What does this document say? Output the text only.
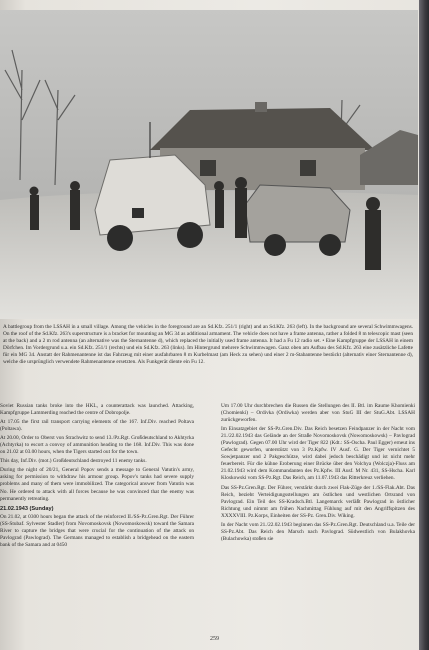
A battlegroup from the LSSAH in a small village. Among the vehicles in the foreground are an Sd.Kfz. 251/1 (right) and an Sd.Kfz. 263 (left). In the background are several Schwimmwagens. On the roof of the Sd.Kfz. 263's superstructure is a bracket for mounting an MG 34 as additional armament. The vehicle does not have a frame antenna, rather a folded 8 m telescopic mast (seen at the back) and a 2 m rod antenna (an alternative was the Sternantenne d), which replaced the initially used frame antenna. It had a Fu 12 radio set. • Eine Kampfgruppe der LSSAH in einem Dörfchen. Im Vordergrund u.a. ein Sd.Kfz. 251/1 (rechts) und ein Sd.Kfz. 263 (links). Im Hintergrund mehrere Schwimmwagen. Ganz oben am Aufbau des Sd.Kfz. 263 eine zusätzliche Lafette für ein MG 34. Anstatt der Rahmenantenne ist das Fahrzeug mit einer ausfahrbaren 8 m Kurbelmast (am Heck zu sehen) und einer 2 m-Stabantenne bestückt (alternativ einer Sternantenne d), welche die ursprünglich verwendete Rahmenantenne ersetzten. Als Funkgerät diente ein Fu 12.

Soviet Russian tanks broke into the HKL, a counterattack was launched. Attacking, Kampfgruppe Lammerding reached the centre of Dobropolje.

At 17.05 the first rail transport carrying elements of the 167. Inf.Div. reached Poltava (Poltawa).

At 20.00, Order to Oberst von Strachwitz to send 13./Pz.Rgt. Großdeutschland to Akhtyrka (Achtyrka) to escort a convoy of ammunition heading to the 168. Inf.Div. This was done on 21.02 at 03.00 hours, when the Tigers started out for the town.

This day, Inf.Div. (mot.) Großdeutschland destroyed 11 enemy tanks.

During the night of 20/21, General Popov sends a message to General Vatutin's army, asking for permission to withdraw his armour group. Popov's tanks had severe supply problems and many of them were immobilized. The categorical answer from Vatutin was No. He ordered to attack with all forces because he was convinced that the enemy was permanently retreating.

21.02.1943 (Sunday)

On 21.02, at 0300 hours began the attack of the reinforced II./SS-Pz.Gren.Rgt. Der Führer (SS-Stubaf. Sylvester Stadler) from Novomoskovsk (Nowomoskowsk) toward the Samara River to capture the bridges that were crucial for the continuation of the attack on Pavlograd (Pawlograd). The Germans managed to establish a bridgehead on the eastern bank of the Samara and at 0450

Um 17.00 Uhr durchbrechen die Russen die Stellungen des II. Btl. im Raume Khomienki (Chomienki) – Ordivka (Ordiwka) werden aber von StuG III der StuG.Abt. LSSAH zurückgeworfen.

Im Einsatzgebiet der SS-Pz.Gren.Div. Das Reich besetzen Feindpanzer in der Nacht vom 21./22.02.1943 das Gelände an der Straße Novomoskovsk (Nowomoskowsk) – Pavlograd (Pawlograd). Gegen 07.00 Uhr wird der Tiger 822 (Kdt.: SS-Oscha. Paul Egger) erneut ins Gefecht geworfen, unterstützt von 3 Pz.Kpfw. IV Ausf. G. Der Tiger vernichtet 5 Sowjetpanzer und 2 Pakgeschütze, wird dabei jedoch beschädigt und ist nicht mehr feuerbereit. Für die kühne Eroberung einer Brücke über den Volchya (Wolczja)-Fluss am 21.02.1943 wird dem Kommandanten des Pz.Kpfw. III Ausf. M Nr. 431, SS-Hscha. Karl Kloskowski vom SS-Pz.Rgt. Das Reich, am 11.07.1943 das Ritterkreuz verliehen.

Das SS-Pz.Gren.Rgt. Der Führer, verstärkt durch zwei Flak-Züge der 1./SS-Flak.Abt. Das Reich, bezieht Verteidigungsstellungen am östlichen und westlichen Ortsrand von Pavlograd. Ein Teil des SS-Kradsch.Btl. Langemarck verläßt Pawlograd in östlicher Richtung und nimmt am frühen Nachmittag Fühlung auf mit den Angriffspitzen des XXXXVIII. Pz.Korps, Einheiten der SS-Pz. Gren.Div. Wiking.

In der Nacht vom 21./22.02.1943 beginnen das SS-Pz.Gren.Rgt. Deutschland u.a. Teile der SS-Pz.Abt. Das Reich den Marsch nach Pavlograd. Südwestlich von Bulakhovka (Bulachowka) stoßen sie

259
